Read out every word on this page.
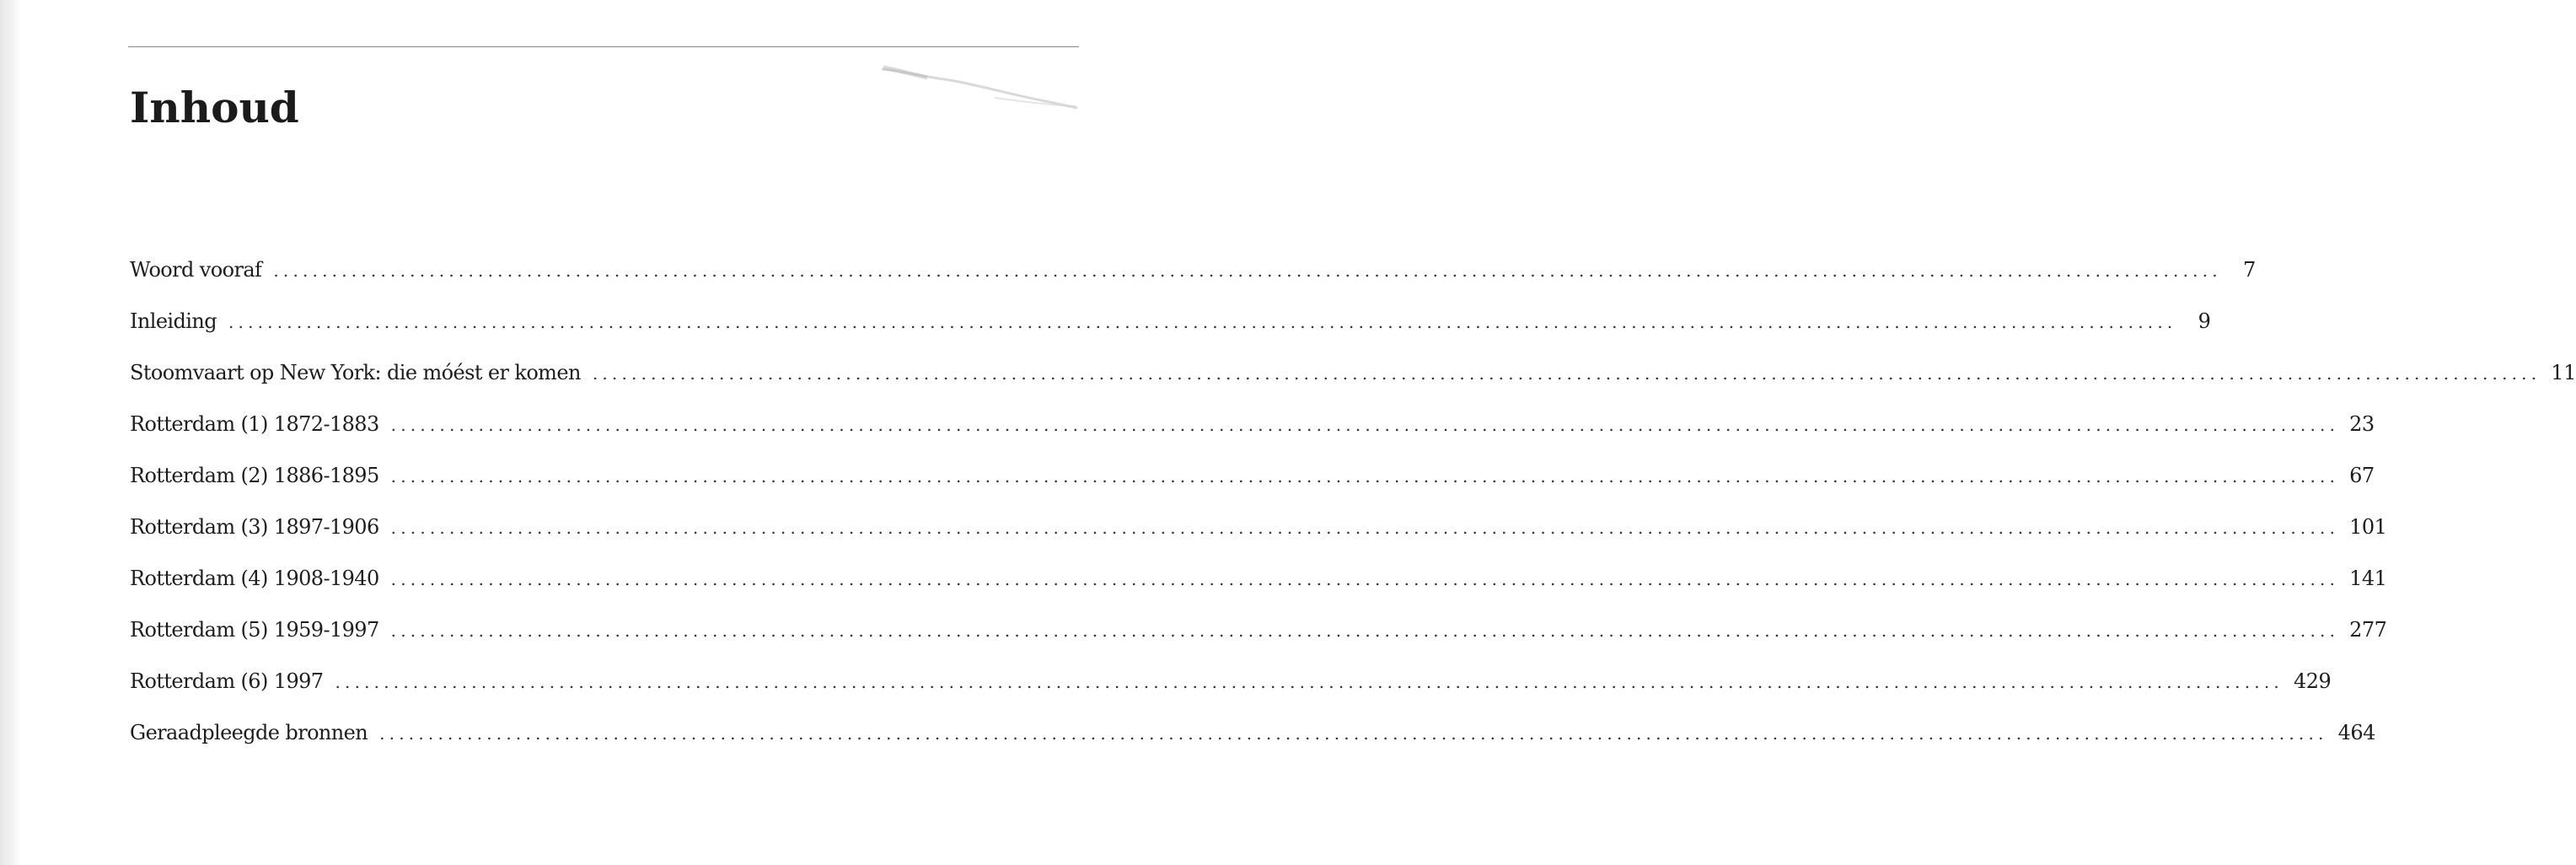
Inhoud
Woord vooraf ........................................................................................................................................................................................................	7
Inleiding ........................................................................................................................................................................................................	9
Stoomvaart op New York: die móést er komen ........................................................................................................................................................................................................ 11
Rotterdam (1) 1872-1883 ........................................................................................................................................................................................................ 23
Rotterdam (2) 1886-1895 ........................................................................................................................................................................................................ 67
Rotterdam (3) 1897-1906 ........................................................................................................................................................................................................ 101
Rotterdam (4) 1908-1940 ........................................................................................................................................................................................................ 141
Rotterdam (5) 1959-1997 ........................................................................................................................................................................................................ 277
Rotterdam (6) 1997 ........................................................................................................................................................................................................ 429
Geraadpleegde bronnen ........................................................................................................................................................................................................ 464
